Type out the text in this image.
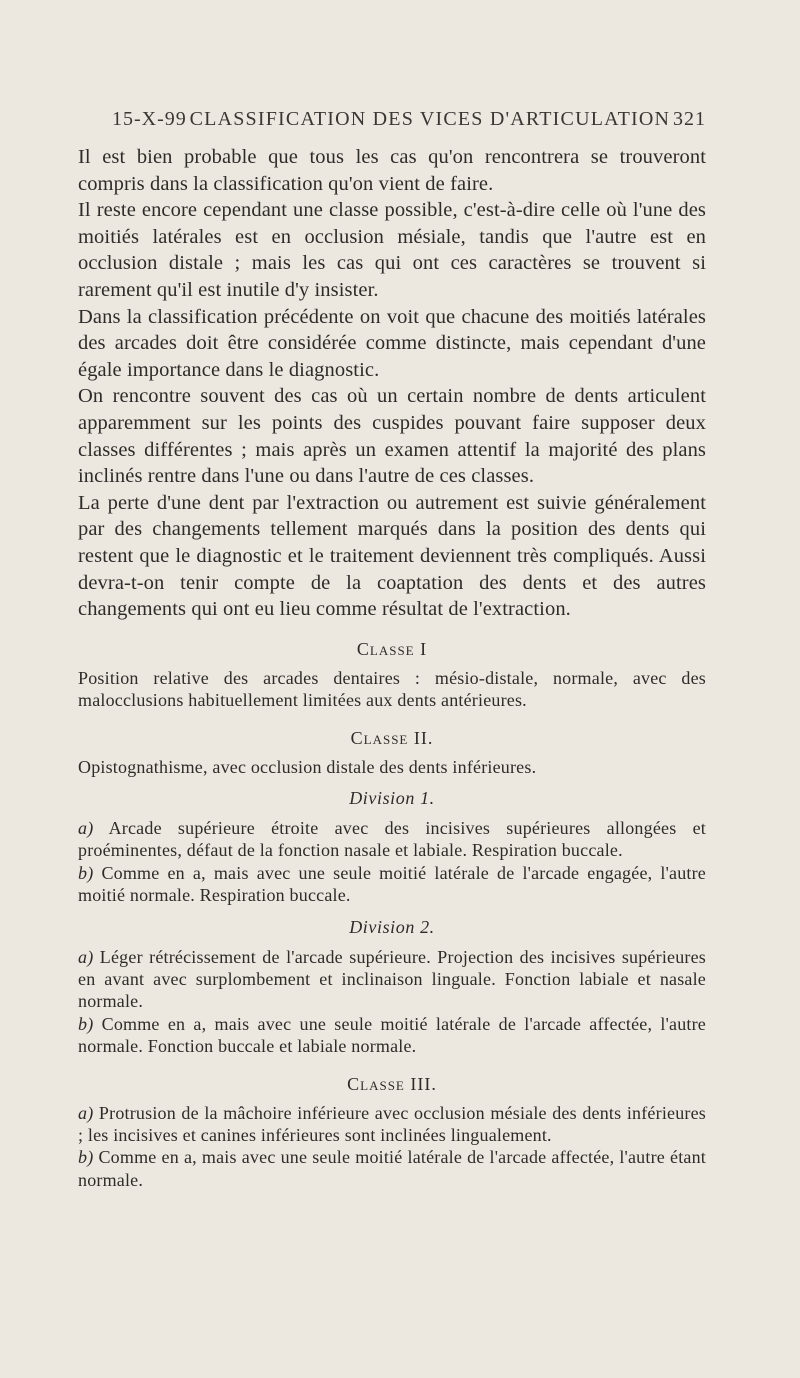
15-X-99 CLASSIFICATION DES VICES D'ARTICULATION 321

Il est bien probable que tous les cas qu'on rencontrera se trouveront compris dans la classification qu'on vient de faire.

Il reste encore cependant une classe possible, c'est-à-dire celle où l'une des moitiés latérales est en occlusion mésiale, tandis que l'autre est en occlusion distale ; mais les cas qui ont ces caractères se trouvent si rarement qu'il est inutile d'y insister.

Dans la classification précédente on voit que chacune des moitiés latérales des arcades doit être considérée comme distincte, mais cependant d'une égale importance dans le diagnostic.

On rencontre souvent des cas où un certain nombre de dents articulent apparemment sur les points des cuspides pouvant faire supposer deux classes différentes ; mais après un examen attentif la majorité des plans inclinés rentre dans l'une ou dans l'autre de ces classes.

La perte d'une dent par l'extraction ou autrement est suivie généralement par des changements tellement marqués dans la position des dents qui restent que le diagnostic et le traitement deviennent très compliqués. Aussi devra-t-on tenir compte de la coaptation des dents et des autres changements qui ont eu lieu comme résultat de l'extraction.

Classe I

Position relative des arcades dentaires : mésio-distale, normale, avec des malocclusions habituellement limitées aux dents antérieures.

Classe II.

Opistognathisme, avec occlusion distale des dents inférieures.

Division 1.

a) Arcade supérieure étroite avec des incisives supérieures allongées et proéminentes, défaut de la fonction nasale et labiale. Respiration buccale.

b) Comme en a, mais avec une seule moitié latérale de l'arcade engagée, l'autre moitié normale. Respiration buccale.

Division 2.

a) Léger rétrécissement de l'arcade supérieure. Projection des incisives supérieures en avant avec surplombement et inclinaison linguale. Fonction labiale et nasale normale.

b) Comme en a, mais avec une seule moitié latérale de l'arcade affectée, l'autre normale. Fonction buccale et labiale normale.

Classe III.

a) Protrusion de la mâchoire inférieure avec occlusion mésiale des dents inférieures ; les incisives et canines inférieures sont inclinées lingualement.

b) Comme en a, mais avec une seule moitié latérale de l'arcade affectée, l'autre étant normale.
